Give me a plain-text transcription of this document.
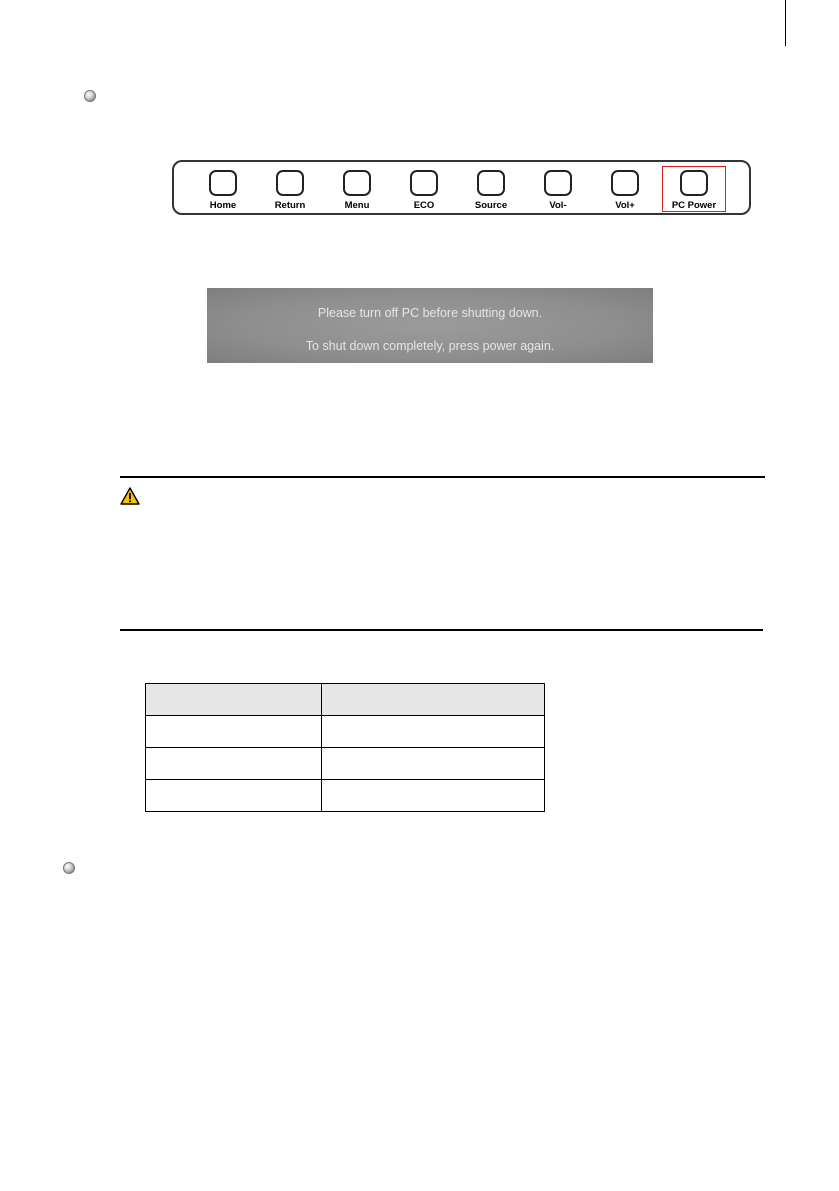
Home	Return	Menu	ECO	Source	Vol-	Vol+	PC Power
Please turn off PC before shutting down.
To shut down completely, press power again.
